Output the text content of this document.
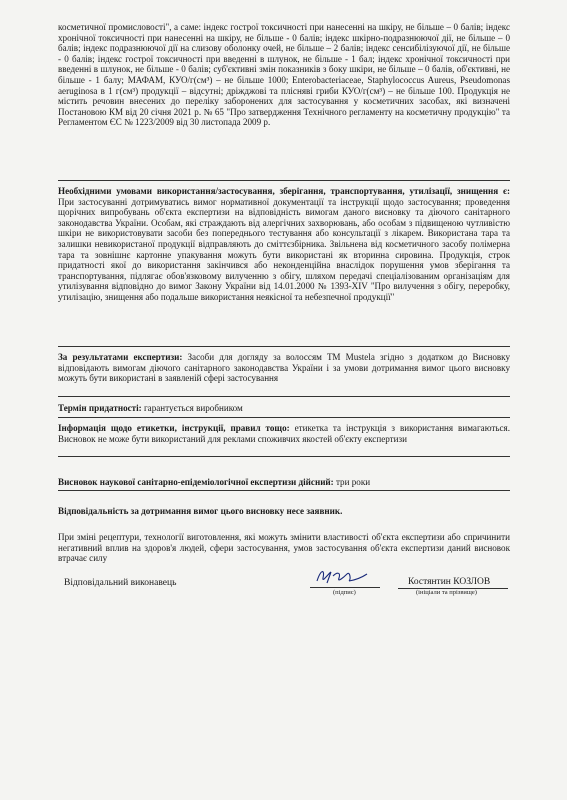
косметичної промисловості", а саме: індекс гострої токсичності при нанесенні на шкіру, не більше – 0 балів; індекс хронічної токсичності при нанесенні на шкіру, не більше - 0 балів; індекс шкірно-подразнюючої дії, не більше – 0 балів; індекс подразнюючої дії на слизову оболонку очей, не більше – 2 балів; індекс сенсибілізуючої дії, не більше - 0 балів; індекс гострої токсичності при введенні в шлунок, не більше - 1 бал; індекс хронічної токсичності при введенні в шлунок, не більше - 0 балів; суб'єктивні змін показників з боку шкіри, не більше – 0 балів, об'єктивні, не більше - 1 балу; МАФАМ, КУО/г(см³) – не більше 1000; Enterobacteriaceae, Staphylococcus Aureus, Pseudomonas aeruginosa в 1 г(см³) продукції – відсутні; дріжджові та плісняві гриби КУО/г(см³) – не більше 100. Продукція не містить речовин внесених до переліку заборонених для застосування у косметичних засобах, які визначені Постановою КМ від 20 січня 2021 р. № 65 "Про затвердження Технічного регламенту на косметичну продукцію" та Регламентом ЄС № 1223/2009 від 30 листопада 2009 р.

Необхідними умовами використання/застосування, зберігання, транспортування, утилізації, знищення є: При застосуванні дотримуватись вимог нормативної документації та інструкції щодо застосування; проведення щорічних випробувань об'єкта експертизи на відповідність вимогам даного висновку та діючого санітарного законодавства України. Особам, які страждають від алергічних захворювань, або особам з підвищеною чутливістю шкіри не використовувати засоби без попереднього тестування або консультації з лікарем. Використана тара та залишки невикористаної продукції відправляють до сміттєзбірника. Звільнена від косметичного засобу полімерна тара та зовнішнє картонне упакування можуть бути використані як вторинна сировина. Продукція, строк придатності якої до використання закінчився або неконденційна внаслідок порушення умов зберігання та транспортування, підлягає обов'язковому вилученню з обігу, шляхом передачі спеціалізованим організаціям для утилізування відповідно до вимог Закону України від 14.01.2000 № 1393-XIV "Про вилучення з обігу, переробку, утилізацію, знищення або подальше використання неякісної та небезпечної продукції"

За результатами експертизи: Засоби для догляду за волоссям ТМ Mustela згідно з додатком до Висновку відповідають вимогам діючого санітарного законодавства України і за умови дотримання вимог цього висновку можуть бути використані в заявленій сфері застосування

Термін придатності: гарантується виробником

Інформація щодо етикетки, інструкції, правил тощо: етикетка та інструкція з використання вимагаються. Висновок не може бути використаний для реклами споживчих якостей об'єкту експертизи

Висновок наукової санітарно-епідеміологічної експертизи дійсний: три роки

Відповідальність за дотримання вимог цього висновку несе заявник.

При зміні рецептури, технології виготовлення, які можуть змінити властивості об'єкта експертизи або спричинити негативний вплив на здоров'я людей, сфери застосування, умов застосування об'єкта експертизи даний висновок втрачає силу

Відповідальний виконавець
(підпис)
Костянтин КОЗЛОВ
(ініціали та прізвище)
